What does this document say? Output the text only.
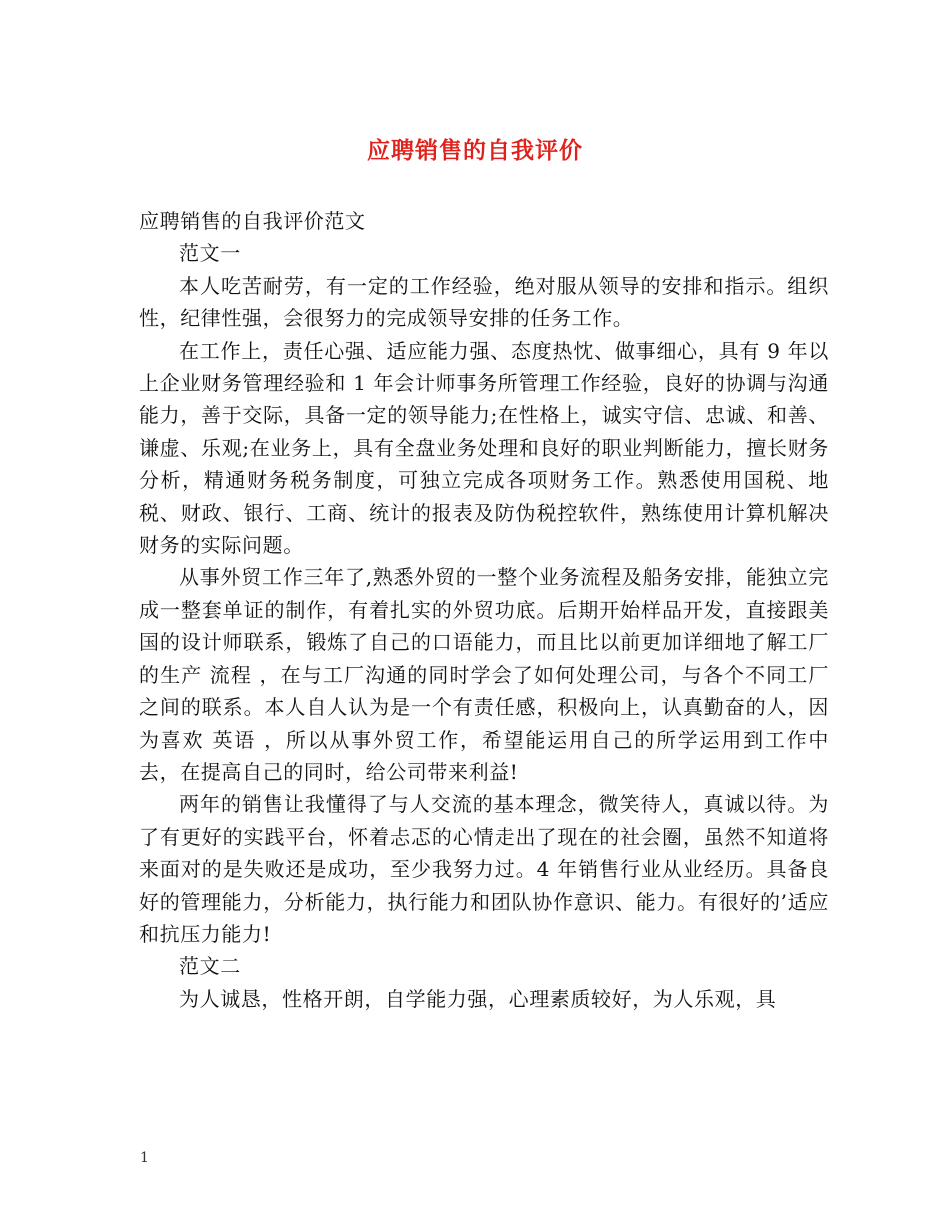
应聘销售的自我评价

应聘销售的自我评价范文

范文一

本人吃苦耐劳，有一定的工作经验，绝对服从领导的安排和指示。组织性，纪律性强，会很努力的完成领导安排的任务工作。

在工作上，责任心强、适应能力强、态度热忱、做事细心，具有 9 年以上企业财务管理经验和 1 年会计师事务所管理工作经验，良好的协调与沟通能力，善于交际，具备一定的领导能力;在性格上，诚实守信、忠诚、和善、谦虚、乐观;在业务上，具有全盘业务处理和良好的职业判断能力，擅长财务分析，精通财务税务制度，可独立完成各项财务工作。熟悉使用国税、地税、财政、银行、工商、统计的报表及防伪税控软件，熟练使用计算机解决财务的实际问题。

从事外贸工作三年了,熟悉外贸的一整个业务流程及船务安排，能独立完成一整套单证的制作，有着扎实的外贸功底。后期开始样品开发，直接跟美国的设计师联系，锻炼了自己的口语能力，而且比以前更加详细地了解工厂的生产 流程 ，在与工厂沟通的同时学会了如何处理公司，与各个不同工厂之间的联系。本人自人认为是一个有责任感，积极向上，认真勤奋的人，因为喜欢 英语 ，所以从事外贸工作，希望能运用自己的所学运用到工作中去，在提高自己的同时，给公司带来利益!

两年的销售让我懂得了与人交流的基本理念，微笑待人，真诚以待。为了有更好的实践平台，怀着忐忑的心情走出了现在的社会圈，虽然不知道将来面对的是失败还是成功，至少我努力过。4 年销售行业从业经历。具备良好的管理能力，分析能力，执行能力和团队协作意识、能力。有很好的’适应和抗压力能力!

范文二

为人诚恳，性格开朗，自学能力强，心理素质较好，为人乐观，具

1
